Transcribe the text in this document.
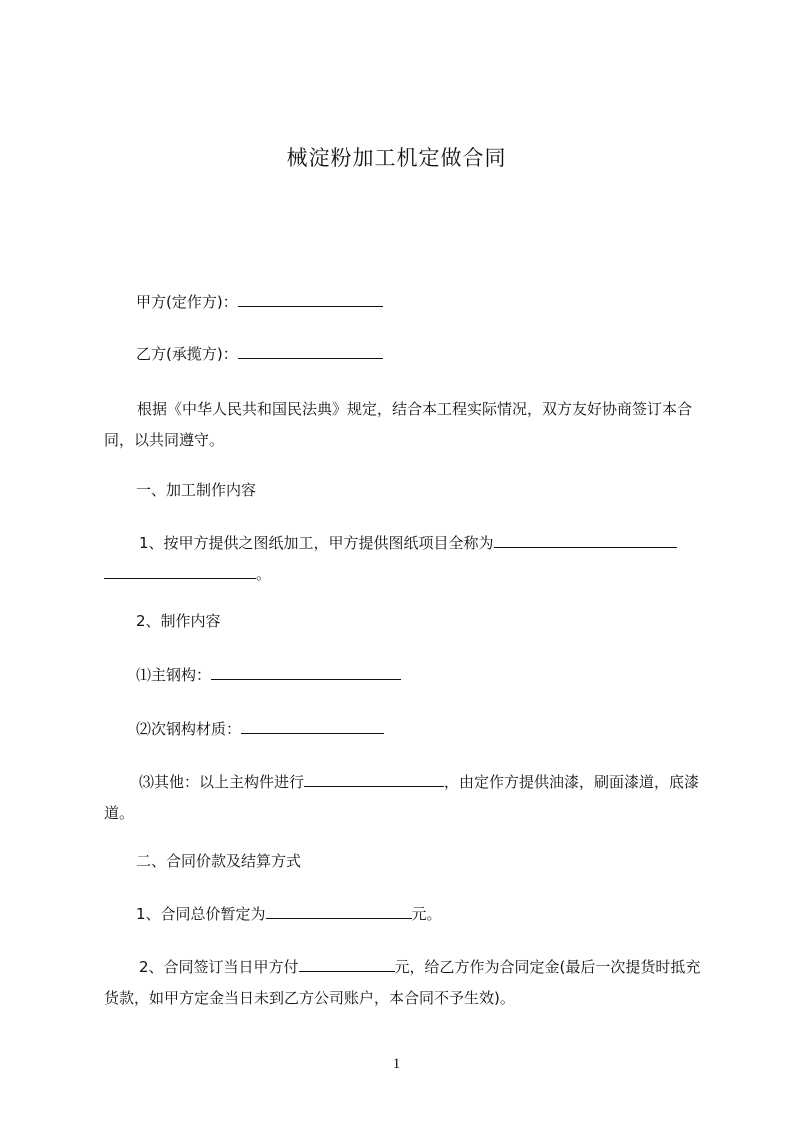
械淀粉加工机定做合同
甲方(定作方)：
乙方(承揽方)：
根据《中华人民共和国民法典》规定，结合本工程实际情况，双方友好协商签订本合同，以共同遵守。
一、加工制作内容
1、按甲方提供之图纸加工，甲方提供图纸项目全称为 。
2、制作内容
⑴主钢构：
⑵次钢构材质：
⑶其他：以上主构件进行	，由定作方提供油漆，刷面漆道，底漆道。
二、合同价款及结算方式
1、合同总价暂定为	元。
2、合同签订当日甲方付	元，给乙方作为合同定金(最后一次提货时抵充货款，如甲方定金当日未到乙方公司账户，本合同不予生效)。
1
